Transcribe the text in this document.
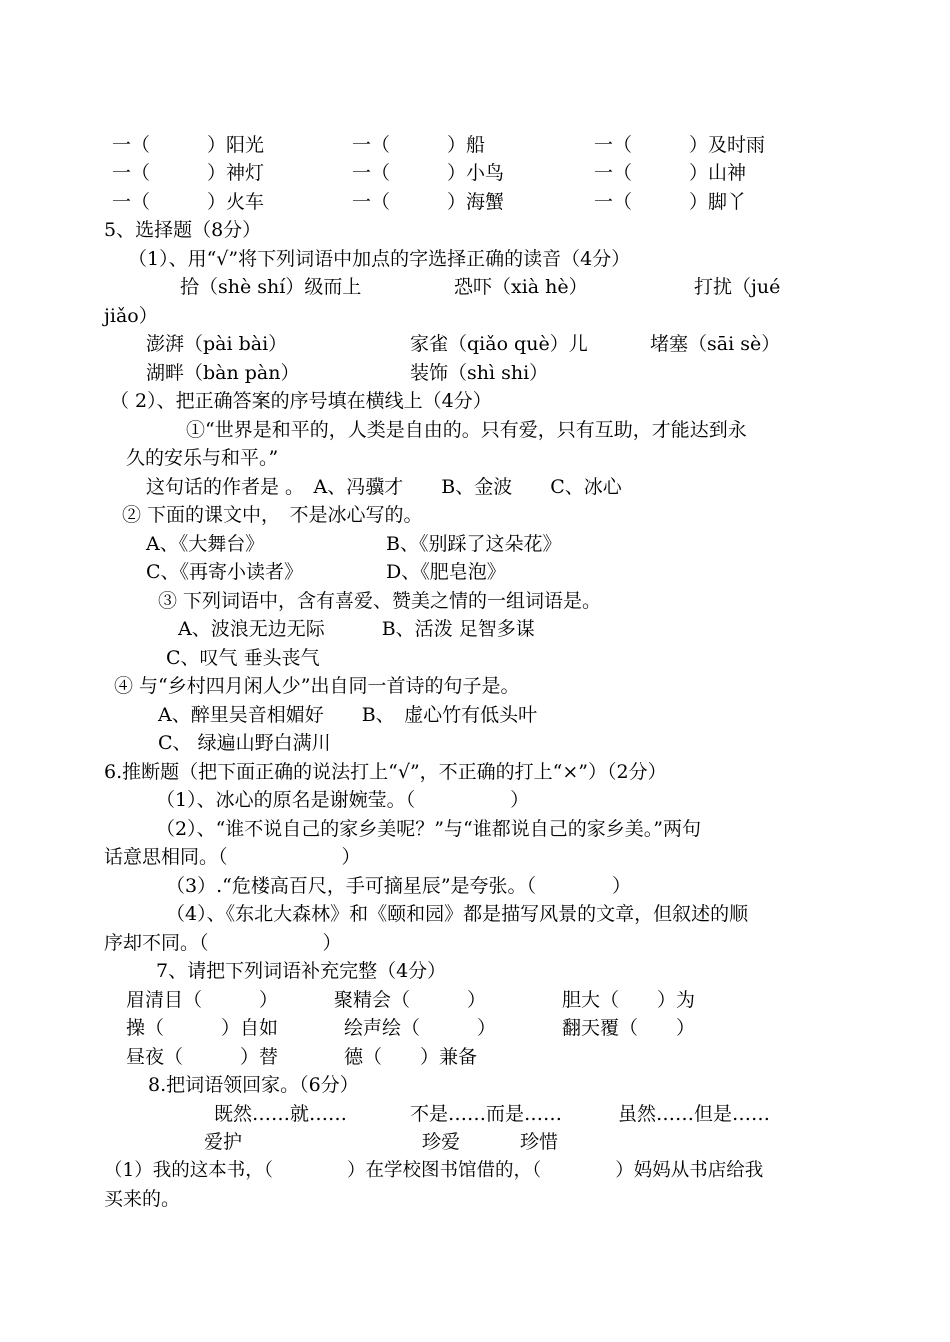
一（　　　）阳光	一（　　　）船	一（　　　）及时雨
一（　　　）神灯	一（　　　）小鸟	一（　　　）山神
一（　　　）火车	一（　　　）海蟹	一（　　　）脚丫
5、选择题（8分）
（1）、用“√”将下列词语中加点的字选择正确的读音（4分）
拾（shè shí）级而上	恐吓（xià hè）	打扰（jué
jiǎo）
澎湃（pài bài）	家雀（qiǎo què）儿	堵塞（sāi sè）
湖畔（bàn pàn）	装饰（shì shi）
（ 2）、把正确答案的序号填在横线上（4分）
①“世界是和平的，人类是自由的。只有爱，只有互助，才能达到永
久的安乐与和平。”
这句话的作者是 。　A、冯骥才　　B、金波　　C、冰心
② 下面的课文中，　不是冰心写的。
A、《大舞台》	B、《别踩了这朵花》
C、《再寄小读者》	D、《肥皂泡》
③ 下列词语中，含有喜爱、赞美之情的一组词语是。
A、波浪无边无际　　　B、活泼 足智多谋
C、叹气 垂头丧气
④ 与“乡村四月闲人少”出自同一首诗的句子是。
A、醉里吴音相媚好　　B、　虚心竹有低头叶
C、 绿遍山野白满川
6.推断题（把下面正确的说法打上“√”，不正确的打上“×”）（2分）
（1）、冰心的原名是谢婉莹。（　　　　　）
（2）、“谁不说自己的家乡美呢？”与“谁都说自己的家乡美。”两句
话意思相同。（　　　　　　）
（3）.“危楼高百尺，手可摘星辰”是夸张。（　　　　）
（4）、《东北大森林》和《颐和园》都是描写风景的文章，但叙述的顺
序却不同。（　　　　　　）
7、请把下列词语补充完整（4分）
眉清目（　　　）	聚精会（　　　）	胆大（　　）为
操（　　　）自如	绘声绘（　　　）	翻天覆（　　）
昼夜（　　　）替	德（　　）兼备
8.把词语领回家。（6分）
既然……就……	不是……而是……	虽然……但是……
爱护	珍爱	珍惜
（1）我的这本书，（　　　　）在学校图书馆借的，（　　　　）妈妈从书店给我
买来的。
